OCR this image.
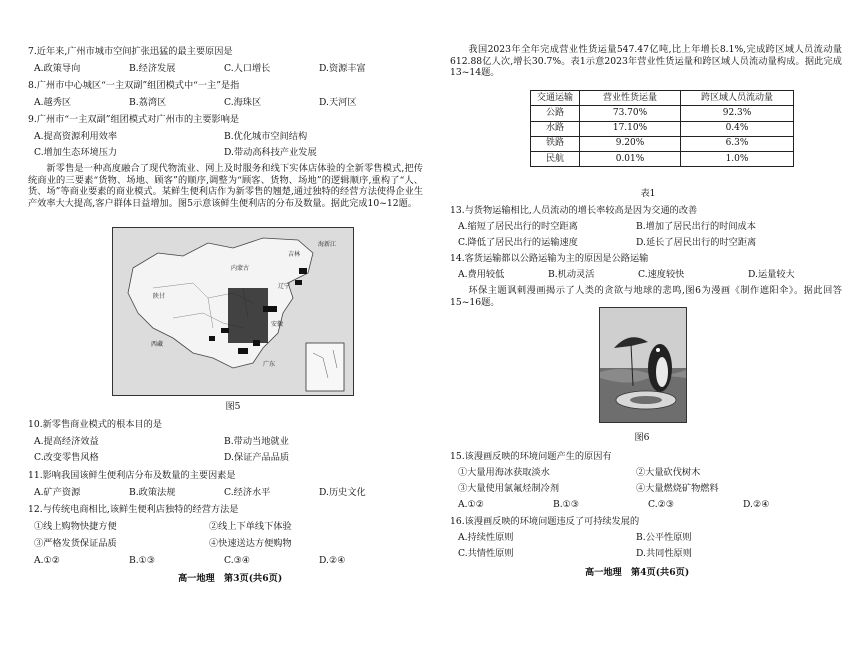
7.近年来,广州市城市空间扩张迅猛的最主要原因是
A.政策导向	B.经济发展	C.人口增长	D.资源丰富
8.广州市中心城区“一主双副”组团模式中“一主”是指
A.越秀区	B.荔湾区	C.海珠区	D.天河区
9.广州市“一主双副”组团模式对广州市的主要影响是
A.提高资源利用效率	B.优化城市空间结构
C.增加生态环境压力	D.带动高科技产业发展
新零售是一种高度融合了现代物流业、网上及时服务和线下实体店体验的全新零售模式,把传统商业的三要素“货物、场地、顾客”的顺序,调整为“顾客、货物、场地”的逻辑顺序,重构了“人、货、场”等商业要素的商业模式。某鲜生便利店作为新零售的翘楚,通过独特的经营方法使得企业生产效率大大提高,客户群体日益增加。图5示意该鲜生便利店的分布及数量。据此完成10~12题。
陕甘
西藏
内蒙古
吉林
辽宁
安徽
广东
海新江
图5
10.新零售商业模式的根本目的是
A.提高经济效益	B.带动当地就业
C.改变零售风格	D.保证产品品质
11.影响我国该鲜生便利店分布及数量的主要因素是
A.矿产资源	B.政策法规	C.经济水平	D.历史文化
12.与传统电商相比,该鲜生便利店独特的经营方法是
①线上购物快捷方便	②线上下单线下体验
③严格发货保证品质	④快速送达方便购物
A.①②	B.①③	C.③④	D.②④
高一地理　第3页(共6页)
我国2023年全年完成营业性货运量547.47亿吨,比上年增长8.1%,完成跨区域人员流动量612.88亿人次,增长30.7%。表1示意2023年营业性货运量和跨区域人员流动量构成。据此完成13~14题。
交通运输	营业性货运量	跨区域人员流动量
公路	73.70%	92.3%
水路	17.10%	0.4%
铁路	9.20%	6.3%
民航	0.01%	1.0%
表1
13.与货物运输相比,人员流动的增长率较高是因为交通的改善
A.缩短了居民出行的时空距离	B.增加了居民出行的时间成本
C.降低了居民出行的运输速度	D.延长了居民出行的时空距离
14.客货运输都以公路运输为主的原因是公路运输
A.费用较低	B.机动灵活	C.速度较快	D.运量较大
环保主题讽刺漫画揭示了人类的贪欲与地球的悲鸣,图6为漫画《制作遮阳伞》。据此回答15~16题。
图6
15.该漫画反映的环境问题产生的原因有
①大量用海冰获取淡水	②大量砍伐树木
③大量使用氯氟烃制冷剂	④大量燃烧矿物燃料
A.①②	B.①③	C.②③	D.②④
16.该漫画反映的环境问题违反了可持续发展的
A.持续性原则	B.公平性原则
C.共情性原则	D.共同性原则
高一地理　第4页(共6页)
